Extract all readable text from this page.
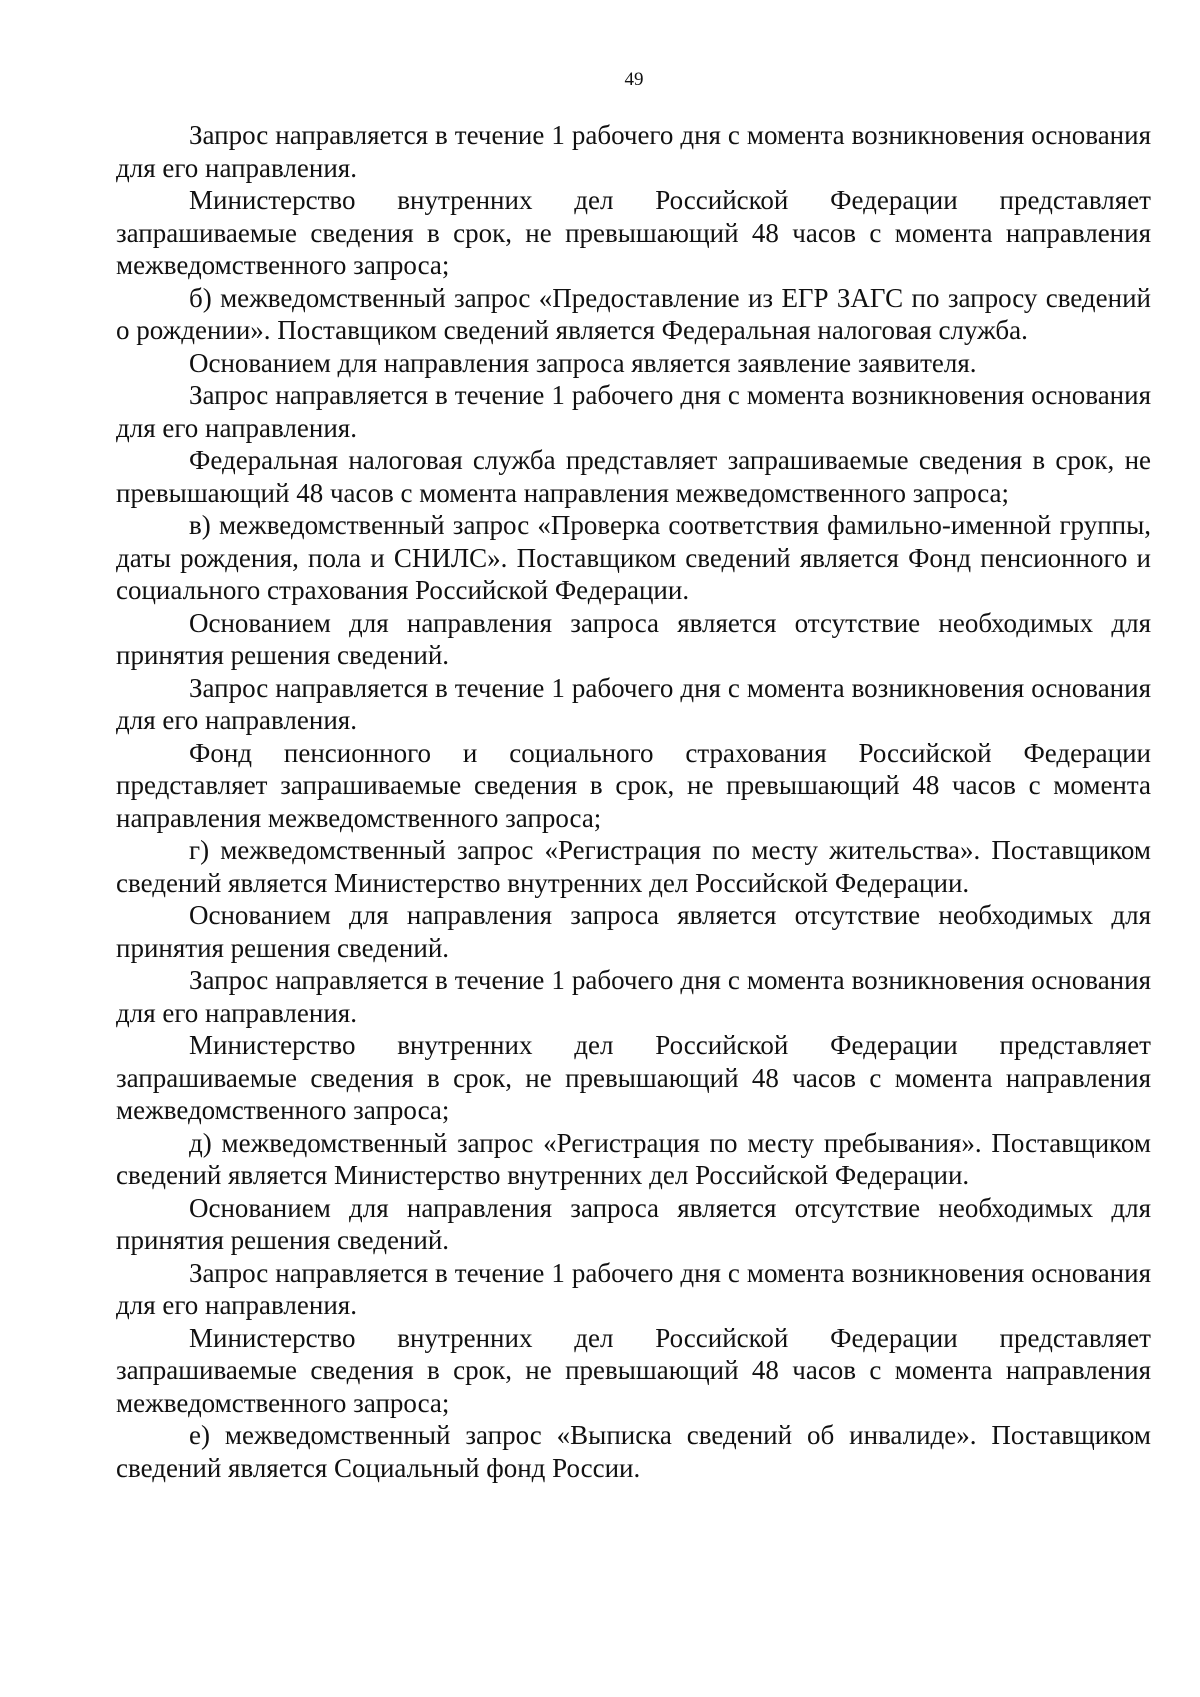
49

Запрос направляется в течение 1 рабочего дня с момента возникновения основания для его направления.

Министерство внутренних дел Российской Федерации представляет запрашиваемые сведения в срок, не превышающий 48 часов с момента направления межведомственного запроса;

б) межведомственный запрос «Предоставление из ЕГР ЗАГС по запросу сведений о рождении». Поставщиком сведений является Федеральная налоговая служба.

Основанием для направления запроса является заявление заявителя.

Запрос направляется в течение 1 рабочего дня с момента возникновения основания для его направления.

Федеральная налоговая служба представляет запрашиваемые сведения в срок, не превышающий 48 часов с момента направления межведомственного запроса;

в) межведомственный запрос «Проверка соответствия фамильно-именной группы, даты рождения, пола и СНИЛС». Поставщиком сведений является Фонд пенсионного и социального страхования Российской Федерации.

Основанием для направления запроса является отсутствие необходимых для принятия решения сведений.

Запрос направляется в течение 1 рабочего дня с момента возникновения основания для его направления.

Фонд пенсионного и социального страхования Российской Федерации представляет запрашиваемые сведения в срок, не превышающий 48 часов с момента направления межведомственного запроса;

г) межведомственный запрос «Регистрация по месту жительства». Поставщиком сведений является Министерство внутренних дел Российской Федерации.

Основанием для направления запроса является отсутствие необходимых для принятия решения сведений.

Запрос направляется в течение 1 рабочего дня с момента возникновения основания для его направления.

Министерство внутренних дел Российской Федерации представляет запрашиваемые сведения в срок, не превышающий 48 часов с момента направления межведомственного запроса;

д) межведомственный запрос «Регистрация по месту пребывания». Поставщиком сведений является Министерство внутренних дел Российской Федерации.

Основанием для направления запроса является отсутствие необходимых для принятия решения сведений.

Запрос направляется в течение 1 рабочего дня с момента возникновения основания для его направления.

Министерство внутренних дел Российской Федерации представляет запрашиваемые сведения в срок, не превышающий 48 часов с момента направления межведомственного запроса;

е) межведомственный запрос «Выписка сведений об инвалиде». Поставщиком сведений является Социальный фонд России.
